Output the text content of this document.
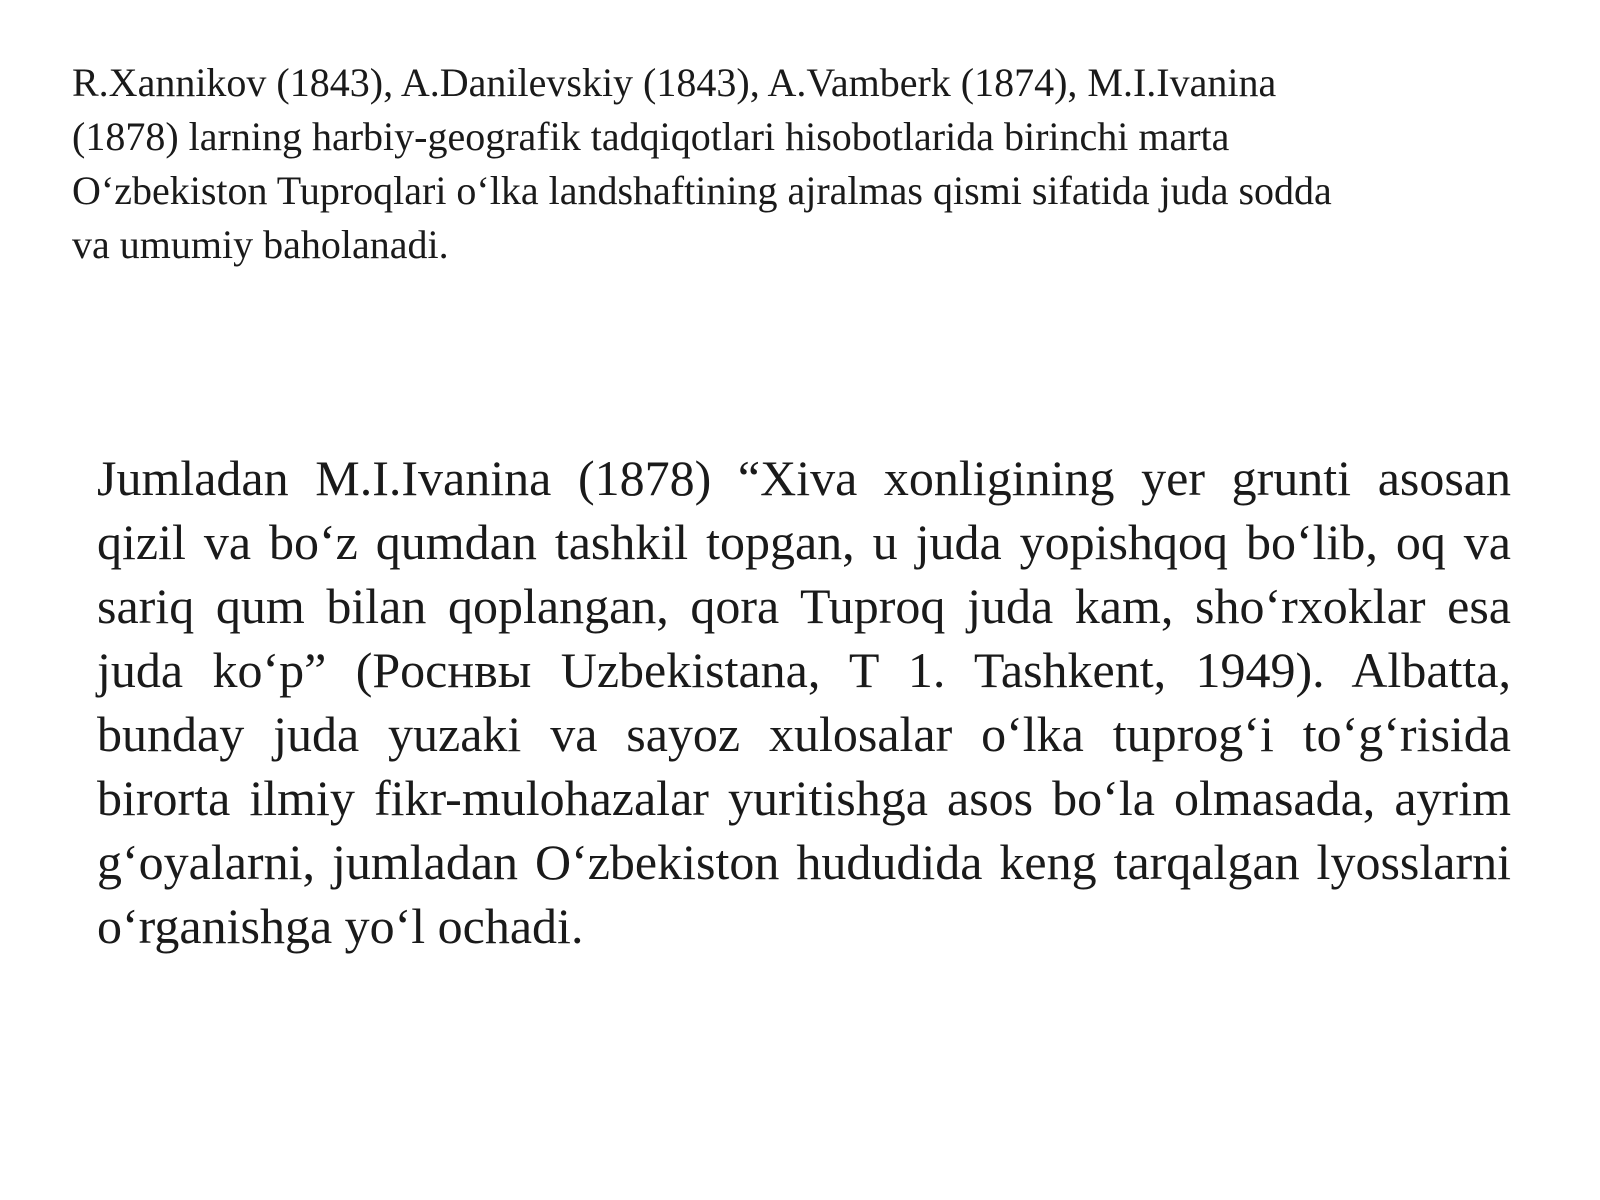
R.Xannikov (1843), A.Danilevskiy (1843), A.Vamberk (1874), M.I.Ivanina
(1878) larning harbiy-geografik tadqiqotlari hisobotlarida birinchi marta
Oʻzbekiston Tuproqlari oʻlka landshaftining ajralmas qismi sifatida juda sodda
va umumiy baholanadi.

Jumladan M.I.Ivanina (1878) “Xiva xonligining yer grunti asosan qizil va boʻz qumdan tashkil topgan, u juda yopishqoq boʻlib, oq va sariq qum bilan qoplangan, qora Tuproq juda kam, shoʻrxoklar esa juda koʻp” (Pocнвы Uzbekistana, T 1. Tashkent, 1949). Albatta, bunday juda yuzaki va sayoz xulosalar oʻlka tuprogʻi toʻgʻrisida birorta ilmiy fikr-mulohazalar yuritishga asos boʻla olmasada, ayrim gʻoyalarni, jumladan Oʻzbekiston hududida keng tarqalgan lyosslarni oʻrganishga yoʻl ochadi.
